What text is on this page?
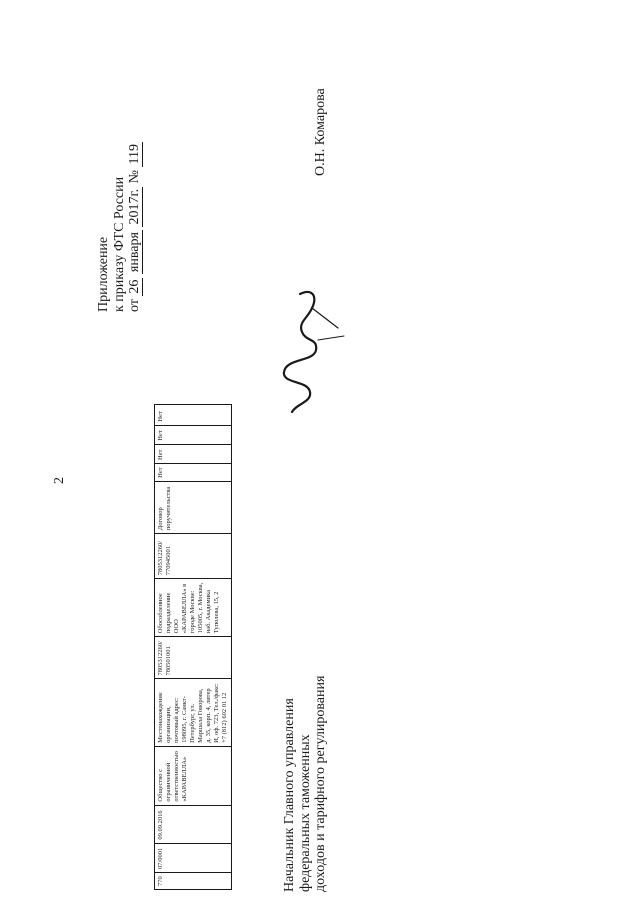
2
Приложение к приказу ФТС России от 26 января 2017г. № 119
770	07/0001	09.09.2016	Общество с ограниченной ответственностью «КАРАВЕЛЛА»	Местонахождение организации, почтовый адрес: 198095, г. Санкт-Петербург, ул. Маршала Говорова, д. 35, корп. 4, литер И, оф. 723, Тел./факс: +7 (812) 602 01 12	7805312260/ 780501001	Обособленное подразделение ООО «КАРАВЕЛЛА» в городе Москве: 105005, г. Москва, наб. Академика Туполева, 15, 2	7805312260/ 770945001	Договор поручительства	Нет	Нет	Нет	Нет
Начальник Главного управления федеральных таможенных доходов и тарифного регулирования
О.Н. Комарова
